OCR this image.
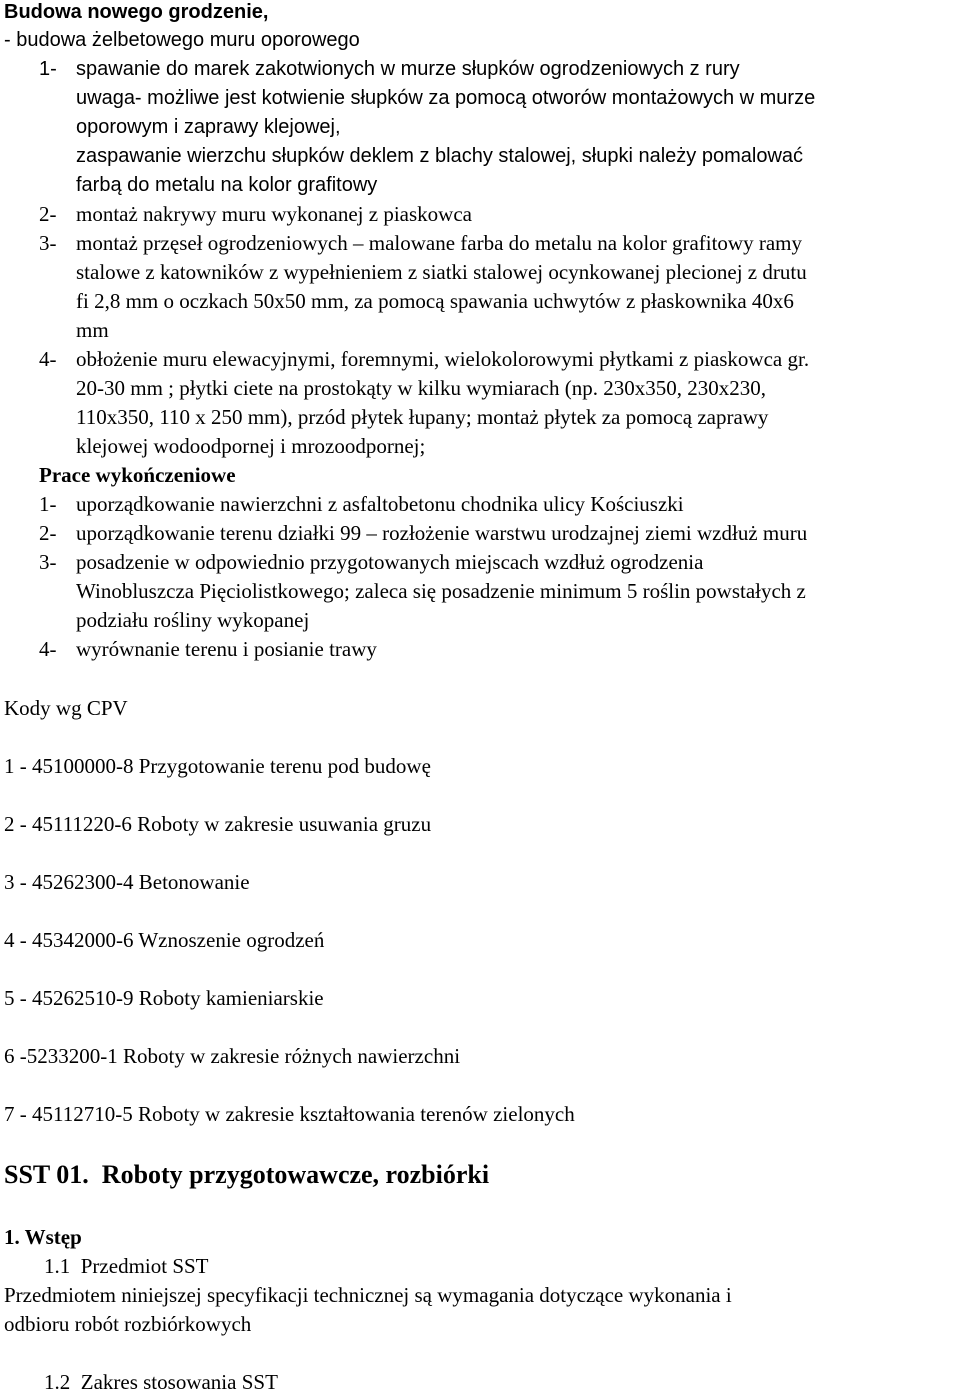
Budowa nowego grodzenie,
- budowa żelbetowego muru oporowego
1- spawanie do marek zakotwionych w murze słupków ogrodzeniowych z rury
uwaga- możliwe jest kotwienie słupków za pomocą otworów montażowych w murze
oporowym i zaprawy klejowej,
zaspawanie wierzchu słupków deklem z blachy stalowej, słupki należy pomalować
farbą do metalu na kolor grafitowy
2- montaż nakrywy muru wykonanej z piaskowca
3- montaż przęseł ogrodzeniowych – malowane farba do metalu na kolor grafitowy ramy
stalowe z katowników z wypełnieniem z siatki stalowej ocynkowanej plecionej z drutu
fi 2,8 mm o oczkach 50x50 mm, za pomocą spawania uchwytów z płaskownika 40x6
mm
4- obłożenie muru elewacyjnymi, foremnymi, wielokolorowymi płytkami z piaskowca gr.
20-30 mm ; płytki ciete na prostokąty w kilku wymiarach (np. 230x350, 230x230,
110x350, 110 x 250 mm), przód płytek łupany; montaż płytek za pomocą zaprawy
klejowej wodoodpornej i mrozoodpornej;
Prace wykończeniowe
1- uporządkowanie nawierzchni z asfaltobetonu chodnika ulicy Kościuszki
2- uporządkowanie terenu działki 99 – rozłożenie warstwu urodzajnej ziemi wzdłuż muru
3- posadzenie w odpowiednio przygotowanych miejscach wzdłuż ogrodzenia
Winobluszcza Pięciolistkowego; zaleca się posadzenie minimum 5 roślin powstałych z
podziału rośliny wykopanej
4- wyrównanie terenu i posianie trawy
Kody wg CPV
1 - 45100000-8 Przygotowanie terenu pod budowę
2 - 45111220-6 Roboty w zakresie usuwania gruzu
3 - 45262300-4 Betonowanie
4 - 45342000-6 Wznoszenie ogrodzeń
5 - 45262510-9 Roboty kamieniarskie
6 -5233200-1 Roboty w zakresie różnych nawierzchni
7 - 45112710-5 Roboty w zakresie kształtowania terenów zielonych
SST 01.  Roboty przygotowawcze, rozbiórki
1. Wstęp
1.1  Przedmiot SST
Przedmiotem niniejszej specyfikacji technicznej są wymagania dotyczące wykonania i
odbioru robót rozbiórkowych
1.2  Zakres stosowania SST
